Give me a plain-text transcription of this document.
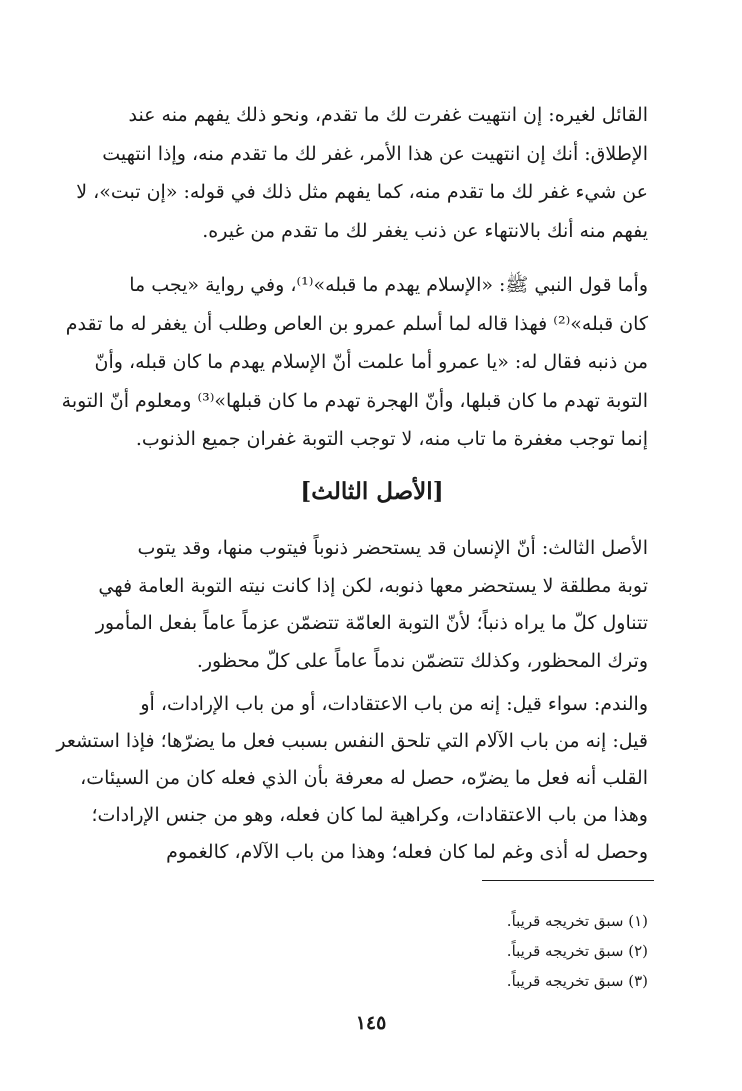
القائل لغيره: إن انتهيت غفرت لك ما تقدم، ونحو ذلك يفهم منه عند
الإطلاق: أنك إن انتهيت عن هذا الأمر، غفر لك ما تقدم منه، وإذا انتهيت
عن شيء غفر لك ما تقدم منه، كما يفهم مثل ذلك في قوله: «إن تبت»، لا
يفهم منه أنك بالانتهاء عن ذنب يغفر لك ما تقدم من غيره.
وأما قول النبي ﷺ: «الإسلام يهدم ما قبله»⁽¹⁾، وفي رواية «يجب ما
كان قبله»⁽²⁾ فهذا قاله لما أسلم عمرو بن العاص وطلب أن يغفر له ما تقدم
من ذنبه فقال له: «يا عمرو أما علمت أنّ الإسلام يهدم ما كان قبله، وأنّ
التوبة تهدم ما كان قبلها، وأنّ الهجرة تهدم ما كان قبلها»⁽³⁾ ومعلوم أنّ التوبة
إنما توجب مغفرة ما تاب منه، لا توجب التوبة غفران جميع الذنوب.
[الأصل الثالث]
الأصل الثالث: أنّ الإنسان قد يستحضر ذنوباً فيتوب منها، وقد يتوب
توبة مطلقة لا يستحضر معها ذنوبه، لكن إذا كانت نيته التوبة العامة فهي
تتناول كلّ ما يراه ذنباً؛ لأنّ التوبة العامّة تتضمّن عزماً عاماً بفعل المأمور
وترك المحظور، وكذلك تتضمّن ندماً عاماً على كلّ محظور.
والندم: سواء قيل: إنه من باب الاعتقادات، أو من باب الإرادات، أو
قيل: إنه من باب الآلام التي تلحق النفس بسبب فعل ما يضرّها؛ فإذا استشعر
القلب أنه فعل ما يضرّه، حصل له معرفة بأن الذي فعله كان من السيئات،
وهذا من باب الاعتقادات، وكراهية لما كان فعله، وهو من جنس الإرادات؛
وحصل له أذى وغم لما كان فعله؛ وهذا من باب الآلام، كالغموم
(١) سبق تخريجه قريباً.
(٢) سبق تخريجه قريباً.
(٣) سبق تخريجه قريباً.
١٤٥
